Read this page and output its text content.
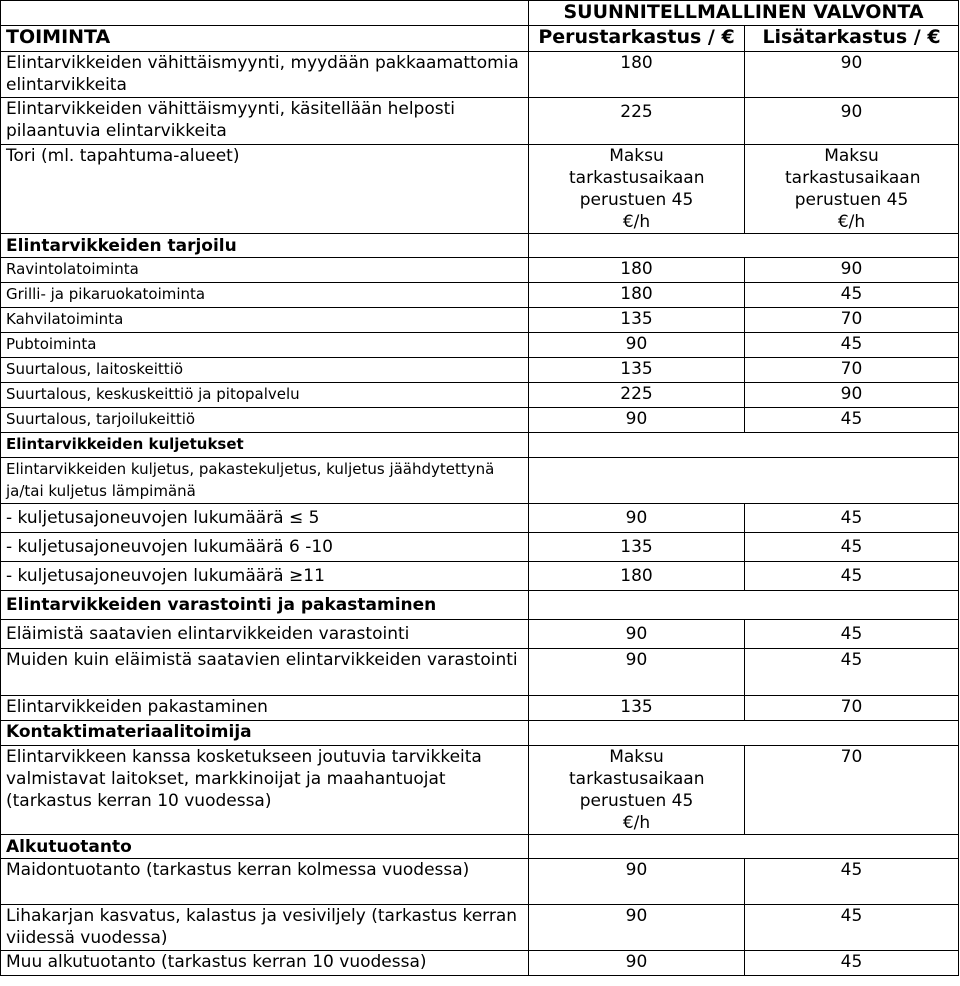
	SUUNNITELLMALLINEN VALVONTA	
TOIMINTA	Perustarkastus / €	Lisätarkastus / €
Elintarvikkeiden vähittäismyynti, myydään pakkaamattomia elintarvikkeita	180	90
Elintarvikkeiden vähittäismyynti, käsitellään helposti pilaantuvia elintarvikkeita	225	90
Tori (ml. tapahtuma-alueet)	Maksu tarkastusaikaan perustuen 45 €/h	Maksu tarkastusaikaan perustuen 45 €/h
Elintarvikkeiden tarjoilu		
Ravintolatoiminta	180	90
Grilli- ja pikaruokatoiminta	180	45
Kahvilatoiminta	135	70
Pubtoiminta	90	45
Suurtalous, laitoskeittiö	135	70
Suurtalous, keskuskeittiö ja pitopalvelu	225	90
Suurtalous, tarjoilukeittiö	90	45
Elintarvikkeiden kuljetukset		
Elintarvikkeiden kuljetus, pakastekuljetus, kuljetus jäähdytettynä ja/tai kuljetus lämpimänä		
- kuljetusajoneuvojen lukumäärä ≤ 5	90	45
- kuljetusajoneuvojen lukumäärä 6 -10	135	45
- kuljetusajoneuvojen lukumäärä ≥11	180	45
Elintarvikkeiden varastointi ja pakastaminen		
Eläimistä saatavien elintarvikkeiden varastointi	90	45
Muiden kuin eläimistä saatavien elintarvikkeiden varastointi	90	45
Elintarvikkeiden pakastaminen	135	70
Kontaktimateriaalitoimija		
Elintarvikkeen kanssa kosketukseen joutuvia tarvikkeita valmistavat laitokset, markkinoijat ja maahantuojat (tarkastus kerran 10 vuodessa)	Maksu tarkastusaikaan perustuen 45 €/h	70
Alkutuotanto		
Maidontuotanto (tarkastus kerran kolmessa vuodessa)	90	45
Lihakarjan kasvatus, kalastus ja vesiviljely (tarkastus kerran viidessä vuodessa)	90	45
Muu alkutuotanto (tarkastus kerran 10 vuodessa)	90	45
